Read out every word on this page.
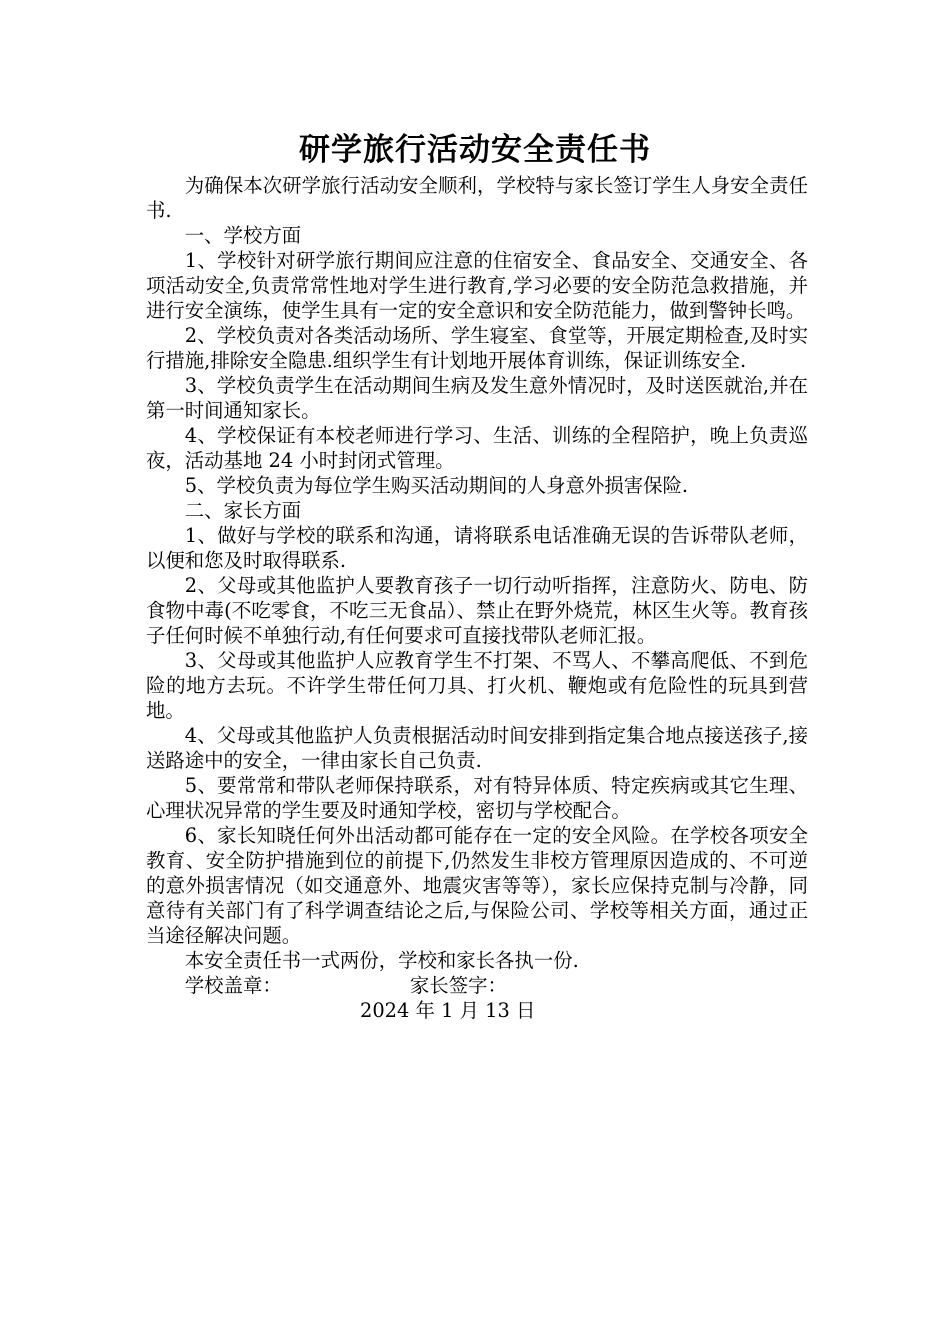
研学旅行活动安全责任书

为确保本次研学旅行活动安全顺利，学校特与家长签订学生人身安全责任书.

一、学校方面

1、学校针对研学旅行期间应注意的住宿安全、食品安全、交通安全、各项活动安全,负责常常性地对学生进行教育,学习必要的安全防范急救措施，并进行安全演练，使学生具有一定的安全意识和安全防范能力，做到警钟长鸣。

2、学校负责对各类活动场所、学生寝室、食堂等，开展定期检查,及时实行措施,排除安全隐患.组织学生有计划地开展体育训练，保证训练安全.

3、学校负责学生在活动期间生病及发生意外情况时，及时送医就治,并在第一时间通知家长。

4、学校保证有本校老师进行学习、生活、训练的全程陪护，晚上负责巡夜，活动基地 24 小时封闭式管理。

5、学校负责为每位学生购买活动期间的人身意外损害保险.

二、家长方面

1、做好与学校的联系和沟通，请将联系电话准确无误的告诉带队老师，以便和您及时取得联系.

2、父母或其他监护人要教育孩子一切行动听指挥，注意防火、防电、防食物中毒(不吃零食，不吃三无食品）、禁止在野外烧荒，林区生火等。教育孩子任何时候不单独行动,有任何要求可直接找带队老师汇报。

3、父母或其他监护人应教育学生不打架、不骂人、不攀高爬低、不到危险的地方去玩。不许学生带任何刀具、打火机、鞭炮或有危险性的玩具到营地。

4、父母或其他监护人负责根据活动时间安排到指定集合地点接送孩子,接送路途中的安全，一律由家长自己负责.

5、要常常和带队老师保持联系，对有特异体质、特定疾病或其它生理、心理状况异常的学生要及时通知学校，密切与学校配合。

6、家长知晓任何外出活动都可能存在一定的安全风险。在学校各项安全教育、安全防护措施到位的前提下,仍然发生非校方管理原因造成的、不可逆的意外损害情况（如交通意外、地震灾害等等），家长应保持克制与冷静，同意待有关部门有了科学调查结论之后,与保险公司、学校等相关方面，通过正当途径解决问题。

本安全责任书一式两份，学校和家长各执一份.

学校盖章：	家长签字：
2024 年 1 月 13 日
